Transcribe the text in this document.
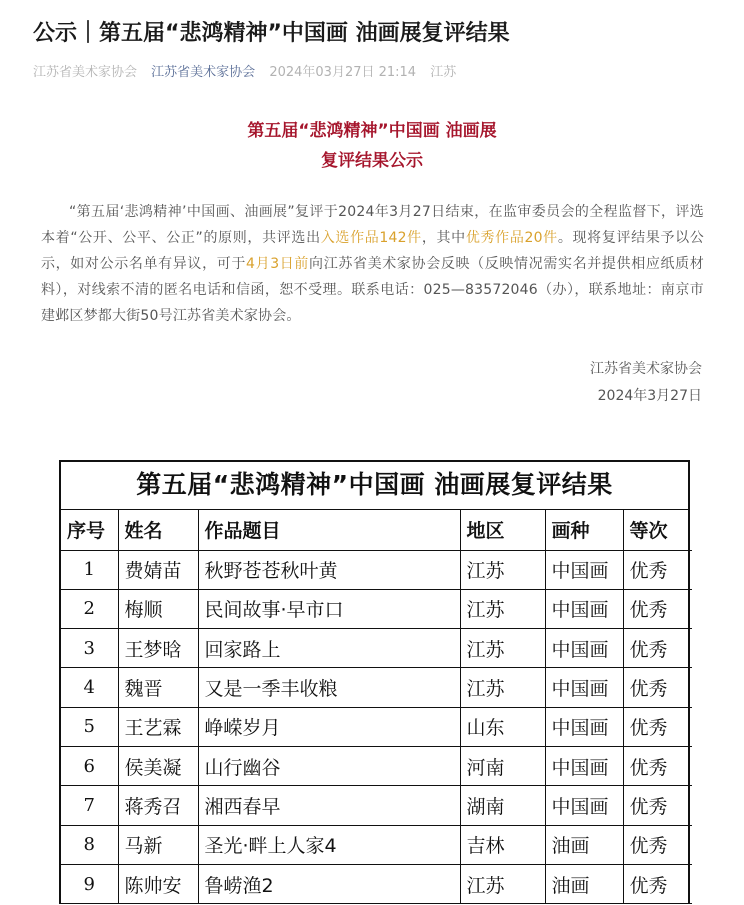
公示｜第五届“悲鸿精神”中国画 油画展复评结果
江苏省美术家协会 江苏省美术家协会 2024年03月27日 21:14 江苏
第五届“悲鸿精神”中国画 油画展
复评结果公示

“第五届‘悲鸿精神’中国画、油画展”复评于2024年3月27日结束，在监审委员会的全程监督下，评选本着“公开、公平、公正”的原则，共评选出入选作品142件，其中优秀作品20件。现将复评结果予以公示，如对公示名单有异议，可于4月3日前向江苏省美术家协会反映（反映情况需实名并提供相应纸质材料），对线索不清的匿名电话和信函，恕不受理。联系电话：025—83572046（办），联系地址：南京市建邺区梦都大街50号江苏省美术家协会。

江苏省美术家协会
2024年3月27日
第五届“悲鸿精神”中国画 油画展复评结果
序号	姓名	作品题目	地区	画种	等次
1	费婧苗	秋野苍苍秋叶黄	江苏	中国画	优秀
2	梅顺	民间故事·早市口	江苏	中国画	优秀
3	王梦晗	回家路上	江苏	中国画	优秀
4	魏晋	又是一季丰收粮	江苏	中国画	优秀
5	王艺霖	峥嵘岁月	山东	中国画	优秀
6	侯美凝	山行幽谷	河南	中国画	优秀
7	蒋秀召	湘西春早	湖南	中国画	优秀
8	马新	圣光·畔上人家4	吉林	油画	优秀
9	陈帅安	鲁崂渔2	江苏	油画	优秀
